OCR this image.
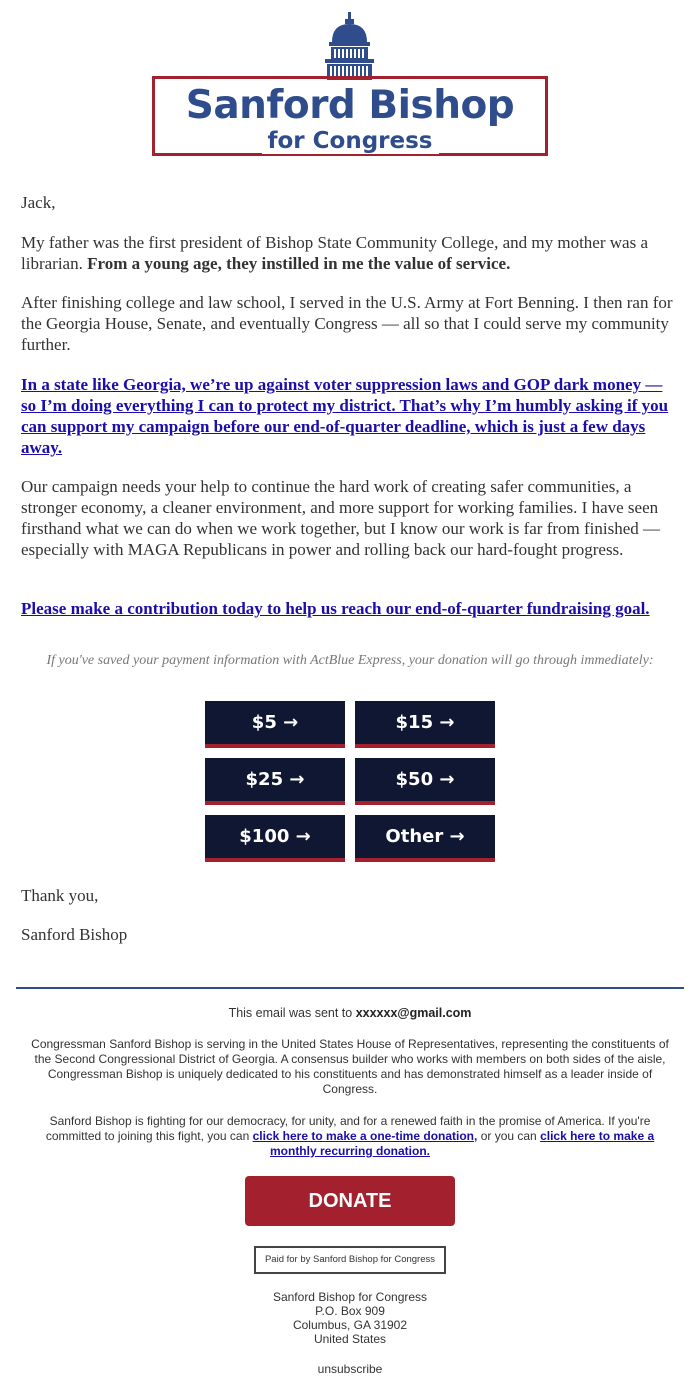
Sanford Bishop
for Congress
Jack,
My father was the first president of Bishop State Community College, and my mother was a librarian. From a young age, they instilled in me the value of service.
After finishing college and law school, I served in the U.S. Army at Fort Benning. I then ran for the Georgia House, Senate, and eventually Congress — all so that I could serve my community further.
In a state like Georgia, we’re up against voter suppression laws and GOP dark money — so I’m doing everything I can to protect my district. That’s why I’m humbly asking if you can support my campaign before our end-of-quarter deadline, which is just a few days away.
Our campaign needs your help to continue the hard work of creating safer communities, a stronger economy, a cleaner environment, and more support for working families. I have seen firsthand what we can do when we work together, but I know our work is far from finished — especially with MAGA Republicans in power and rolling back our hard-fought progress.
Please make a contribution today to help us reach our end-of-quarter fundraising goal.
If you've saved your payment information with ActBlue Express, your donation will go through immediately:
$5 →	$15 →
$25 →	$50 →
$100 →	Other →
Thank you,
Sanford Bishop
This email was sent to xxxxxx@gmail.com
Congressman Sanford Bishop is serving in the United States House of Representatives, representing the constituents of the Second Congressional District of Georgia. A consensus builder who works with members on both sides of the aisle, Congressman Bishop is uniquely dedicated to his constituents and has demonstrated himself as a leader inside of Congress.
Sanford Bishop is fighting for our democracy, for unity, and for a renewed faith in the promise of America. If you're committed to joining this fight, you can click here to make a one-time donation, or you can click here to make a monthly recurring donation.
DONATE
Paid for by Sanford Bishop for Congress
Sanford Bishop for Congress
P.O. Box 909
Columbus, GA 31902
United States
unsubscribe
